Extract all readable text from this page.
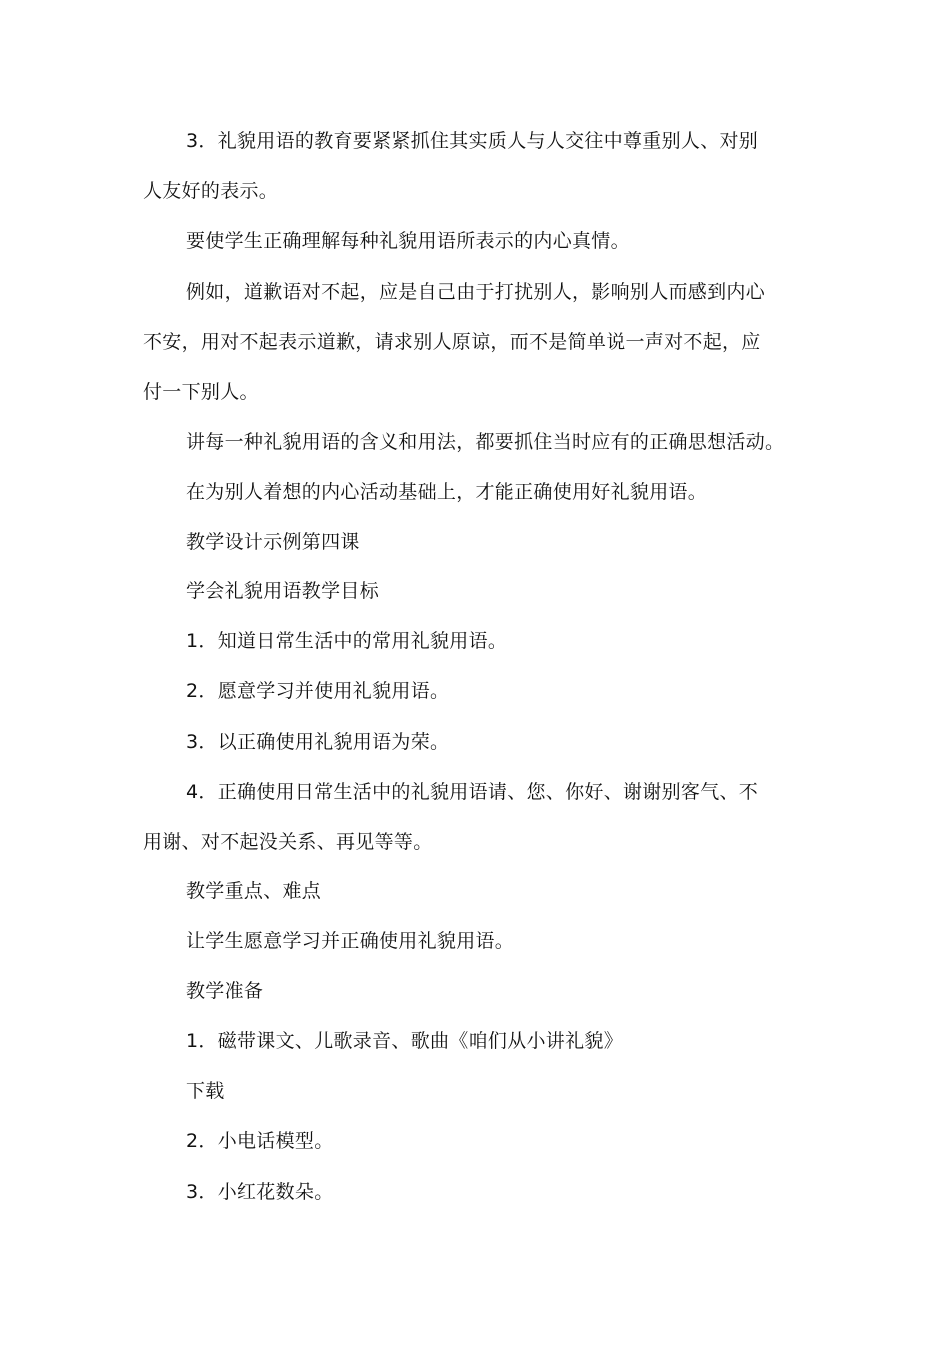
3．礼貌用语的教育要紧紧抓住其实质人与人交往中尊重别人、对别
人友好的表示。
要使学生正确理解每种礼貌用语所表示的内心真情。
例如，道歉语对不起，应是自己由于打扰别人，影响别人而感到内心
不安，用对不起表示道歉，请求别人原谅，而不是简单说一声对不起，应
付一下别人。
讲每一种礼貌用语的含义和用法，都要抓住当时应有的正确思想活动。
在为别人着想的内心活动基础上，才能正确使用好礼貌用语。
教学设计示例第四课
学会礼貌用语教学目标
1．知道日常生活中的常用礼貌用语。
2．愿意学习并使用礼貌用语。
3．以正确使用礼貌用语为荣。
4．正确使用日常生活中的礼貌用语请、您、你好、谢谢别客气、不
用谢、对不起没关系、再见等等。
教学重点、难点
让学生愿意学习并正确使用礼貌用语。
教学准备
1．磁带课文、儿歌录音、歌曲《咱们从小讲礼貌》
下载
2．小电话模型。
3．小红花数朵。
